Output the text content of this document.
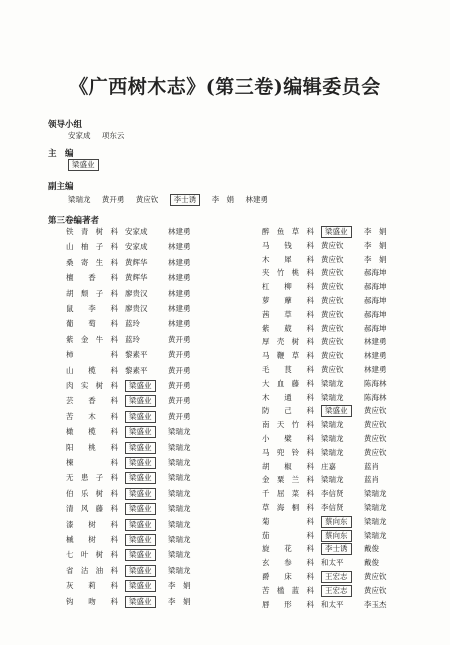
《广西树木志》(第三卷)编辑委员会
领导小组
安家成 项东云
主　编
梁盛业
副主编
梁瑞龙 黄开勇 黄应钦 李士诱 李　娟 林建勇
第三卷编著者
铁青树科 安家成	林建勇
山柚子科 安家成	林建勇
桑寄生科 黄辉华	林建勇
檀香科 黄辉华	林建勇
胡颓子科 廖贵汉	林建勇
鼠李科 廖贵汉	林建勇
葡萄科 蓝玲	林建勇
紫金牛科 蓝玲	黄开勇
柿科 黎素平	黄开勇
山榄科 黎素平	黄开勇
肉实树科	梁盛业	黄开勇
芸香科	梁盛业	黄开勇
苦木科	梁盛业	黄开勇
橄榄科	梁盛业	梁瑞龙
阳桃科	梁盛业	梁瑞龙
楝科	梁盛业	梁瑞龙
无患子科	梁盛业	梁瑞龙
伯乐树科	梁盛业	梁瑞龙
清风藤科	梁盛业	梁瑞龙
漆树科	梁盛业	梁瑞龙
槭树科	梁盛业	梁瑞龙
七叶树科	梁盛业	梁瑞龙
省沽油科	梁盛业	梁瑞龙
灰莉科	梁盛业	李　娟
钩吻科	梁盛业	李　娟
醉鱼草科	梁盛业	李　娟
马钱科 黄应钦	李　娟
木犀科 黄应钦	李　娟
夹竹桃科 黄应钦	郝海坤
杠柳科 黄应钦	郝海坤
萝藦科 黄应钦	郝海坤
茜草科 黄应钦	郝海坤
紫葳科 黄应钦	郝海坤
厚壳树科 黄应钦	林建勇
马鞭草科 黄应钦	林建勇
毛茛科 黄应钦	林建勇
大血藤科 梁瑞龙	陈海林
木通科 梁瑞龙	陈海林
防己科	梁盛业	黄应钦
南天竹科 梁瑞龙	黄应钦
小檗科 梁瑞龙	黄应钦
马兜铃科 梁瑞龙	黄应钦
胡椒科 庄嘉	蓝肖
金粟兰科 梁瑞龙	蓝肖
千屈菜科 李信贤	梁瑞龙
草海桐科 李信贤	梁瑞龙
菊科	蔡向东	梁瑞龙
茄科	蔡向东	梁瑞龙
旋花科	李士诱	戴俊
玄参科 和太平	戴俊
爵床科	王宏志	黄应钦
苦槛蓝科	王宏志	黄应钦
唇形科 和太平	李玉杰
